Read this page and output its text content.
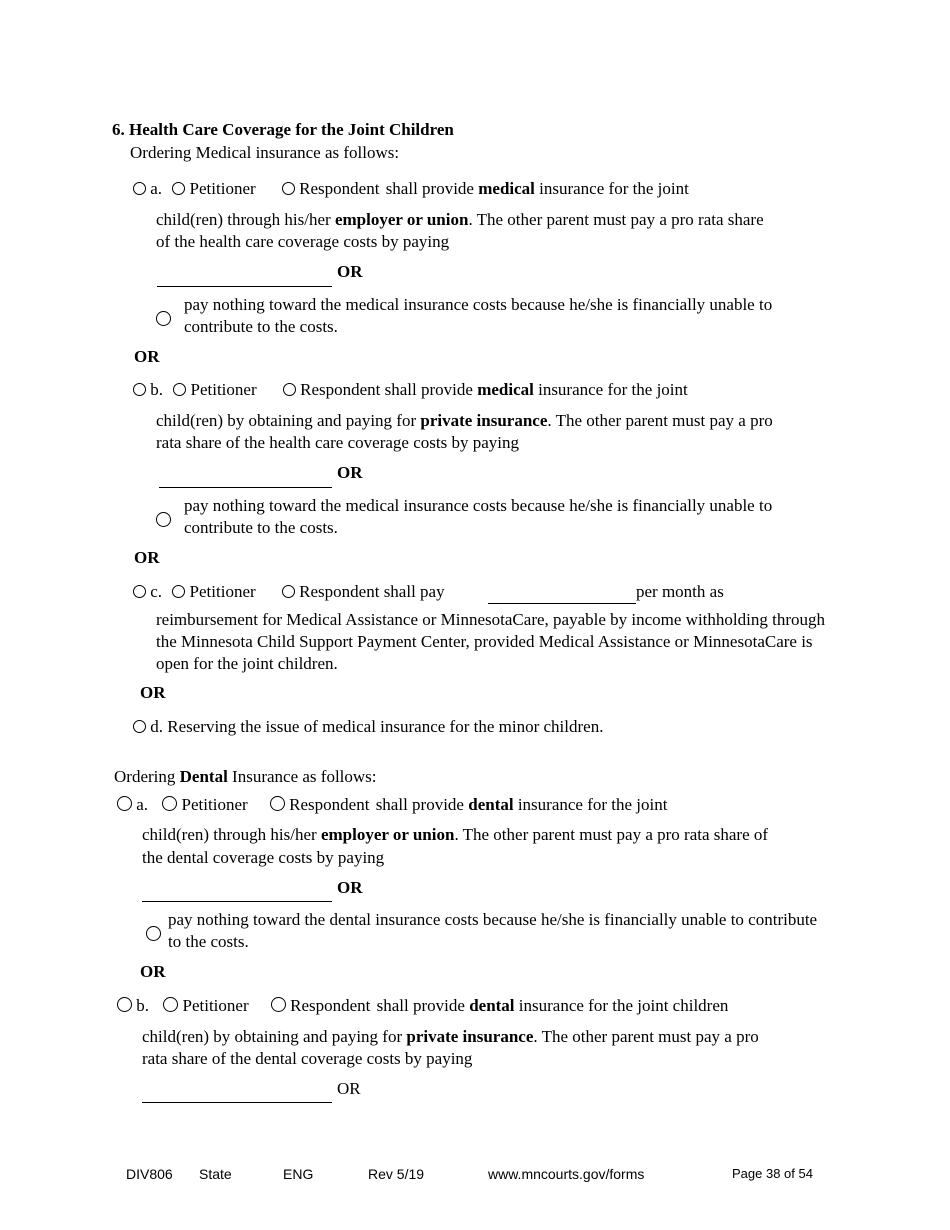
6. Health Care Coverage for the Joint Children
Ordering Medical insurance as follows:
a. Petitioner	Respondent shall provide medical insurance for the joint
child(ren) through his/her employer or union. The other parent must pay a pro rata share
of the health care coverage costs by paying
OR
pay nothing toward the medical insurance costs because he/she is financially unable to contribute to the costs.
OR
b. Petitioner	Respondent shall provide medical insurance for the joint
child(ren) by obtaining and paying for private insurance. The other parent must pay a pro
rata share of the health care coverage costs by paying
OR
pay nothing toward the medical insurance costs because he/she is financially unable to contribute to the costs.
OR
c. Petitioner	Respondent shall pay	per month as
reimbursement for Medical Assistance or MinnesotaCare, payable by income withholding through the Minnesota Child Support Payment Center, provided Medical Assistance or MinnesotaCare is open for the joint children.
OR
d. Reserving the issue of medical insurance for the minor children.
Ordering Dental Insurance as follows:
a. Petitioner Respondent shall provide dental insurance for the joint
child(ren) through his/her employer or union. The other parent must pay a pro rata share of
the dental coverage costs by paying
OR
pay nothing toward the dental insurance costs because he/she is financially unable to contribute to the costs.
OR
b. Petitioner Respondent shall provide dental insurance for the joint children
child(ren) by obtaining and paying for private insurance. The other parent must pay a pro
rata share of the dental coverage costs by paying
OR
DIV806 State	ENG	Rev 5/19	www.mncourts.gov/forms	Page 38 of 54
